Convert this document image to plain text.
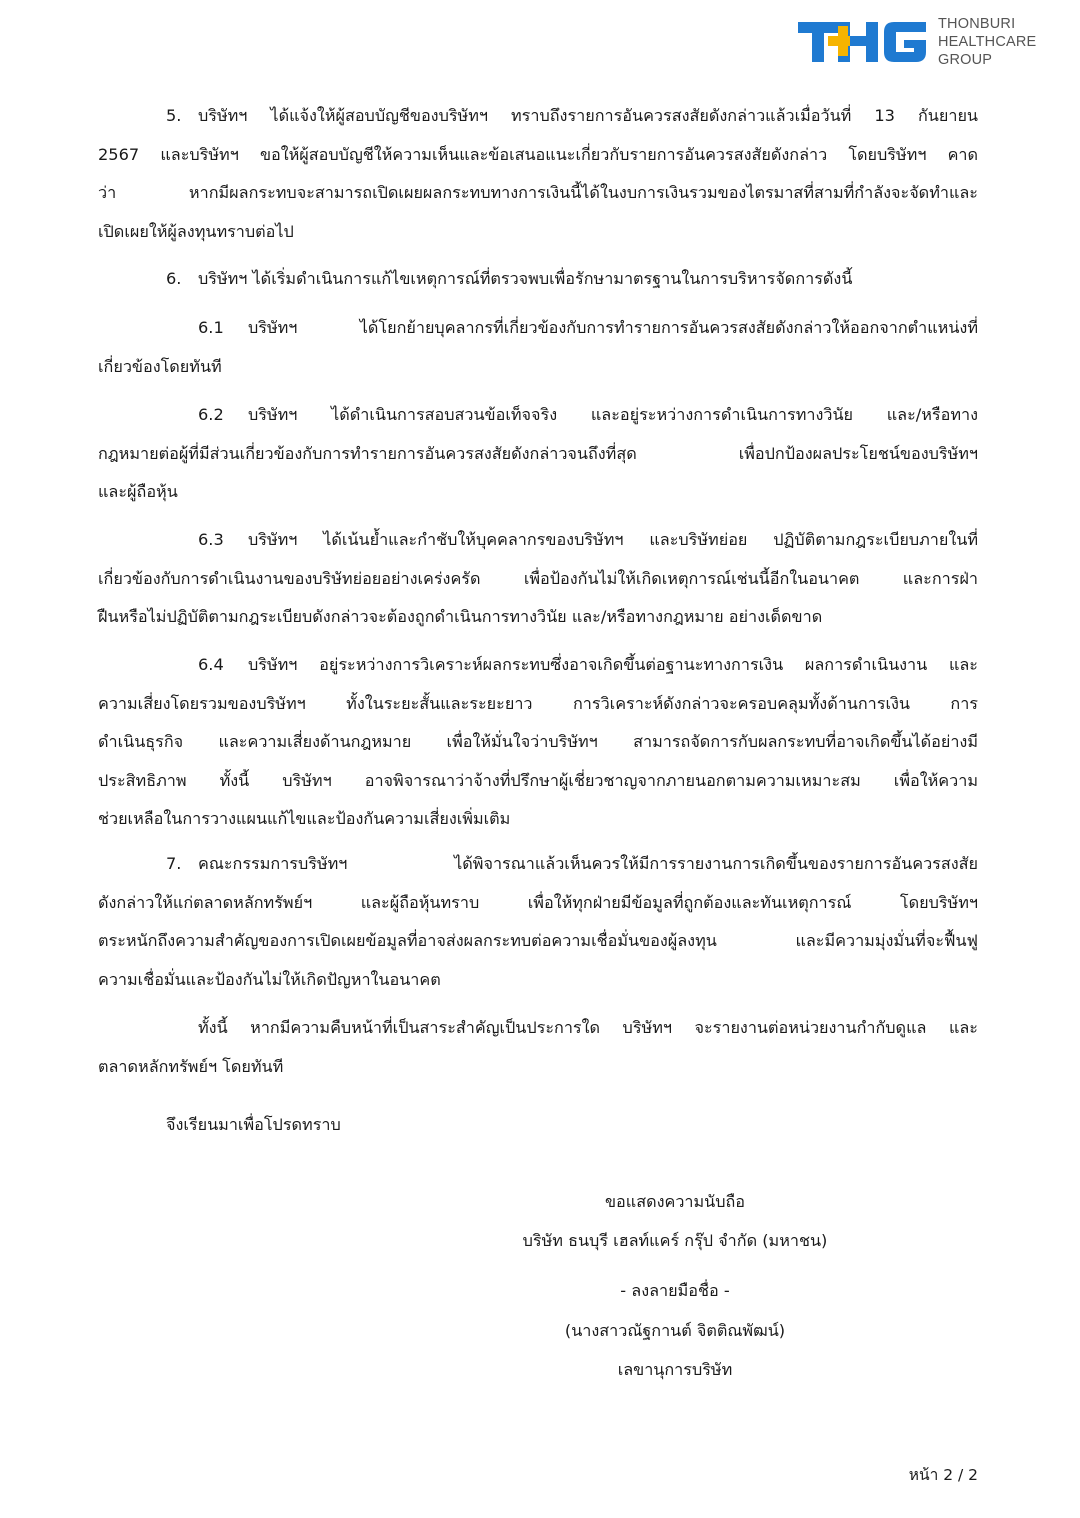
THONBURI
HEALTHCARE
GROUP
5. บริษัทฯ ได้แจ้งให้ผู้สอบบัญชีของบริษัทฯ ทราบถึงรายการอันควรสงสัยดังกล่าวแล้วเมื่อวันที่ 13 กันยายน
2567 และบริษัทฯ ขอให้ผู้สอบบัญชีให้ความเห็นและข้อเสนอแนะเกี่ยวกับรายการอันควรสงสัยดังกล่าว โดยบริษัทฯ คาด
ว่า หากมีผลกระทบจะสามารถเปิดเผยผลกระทบทางการเงินนี้ได้ในงบการเงินรวมของไตรมาสที่สามที่กำลังจะจัดทำและ
เปิดเผยให้ผู้ลงทุนทราบต่อไป
6. บริษัทฯ ได้เริ่มดำเนินการแก้ไขเหตุการณ์ที่ตรวจพบเพื่อรักษามาตรฐานในการบริหารจัดการดังนี้
6.1 บริษัทฯ ได้โยกย้ายบุคลากรที่เกี่ยวข้องกับการทำรายการอันควรสงสัยดังกล่าวให้ออกจากตำแหน่งที่
เกี่ยวข้องโดยทันที
6.2 บริษัทฯ ได้ดำเนินการสอบสวนข้อเท็จจริง และอยู่ระหว่างการดำเนินการทางวินัย และ/หรือทาง
กฎหมายต่อผู้ที่มีส่วนเกี่ยวข้องกับการทำรายการอันควรสงสัยดังกล่าวจนถึงที่สุด เพื่อปกป้องผลประโยชน์ของบริษัทฯ
และผู้ถือหุ้น
6.3 บริษัทฯ ได้เน้นย้ำและกำชับให้บุคคลากรของบริษัทฯ และบริษัทย่อย ปฏิบัติตามกฎระเบียบภายในที่
เกี่ยวข้องกับการดำเนินงานของบริษัทย่อยอย่างเคร่งครัด เพื่อป้องกันไม่ให้เกิดเหตุการณ์เช่นนี้อีกในอนาคต และการฝ่า
ฝืนหรือไม่ปฏิบัติตามกฎระเบียบดังกล่าวจะต้องถูกดำเนินการทางวินัย และ/หรือทางกฎหมาย อย่างเด็ดขาด
6.4 บริษัทฯ อยู่ระหว่างการวิเคราะห์ผลกระทบซึ่งอาจเกิดขึ้นต่อฐานะทางการเงิน ผลการดำเนินงาน และ
ความเสี่ยงโดยรวมของบริษัทฯ ทั้งในระยะสั้นและระยะยาว การวิเคราะห์ดังกล่าวจะครอบคลุมทั้งด้านการเงิน การ
ดำเนินธุรกิจ และความเสี่ยงด้านกฎหมาย เพื่อให้มั่นใจว่าบริษัทฯ สามารถจัดการกับผลกระทบที่อาจเกิดขึ้นได้อย่างมี
ประสิทธิภาพ ทั้งนี้ บริษัทฯ อาจพิจารณาว่าจ้างที่ปรึกษาผู้เชี่ยวชาญจากภายนอกตามความเหมาะสม เพื่อให้ความ
ช่วยเหลือในการวางแผนแก้ไขและป้องกันความเสี่ยงเพิ่มเติม
7. คณะกรรมการบริษัทฯ ได้พิจารณาแล้วเห็นควรให้มีการรายงานการเกิดขึ้นของรายการอันควรสงสัย
ดังกล่าวให้แก่ตลาดหลักทรัพย์ฯ และผู้ถือหุ้นทราบ เพื่อให้ทุกฝ่ายมีข้อมูลที่ถูกต้องและทันเหตุการณ์ โดยบริษัทฯ
ตระหนักถึงความสำคัญของการเปิดเผยข้อมูลที่อาจส่งผลกระทบต่อความเชื่อมั่นของผู้ลงทุน และมีความมุ่งมั่นที่จะฟื้นฟู
ความเชื่อมั่นและป้องกันไม่ให้เกิดปัญหาในอนาคต
ทั้งนี้ หากมีความคืบหน้าที่เป็นสาระสำคัญเป็นประการใด บริษัทฯ จะรายงานต่อหน่วยงานกำกับดูแล และ
ตลาดหลักทรัพย์ฯ โดยทันที
จึงเรียนมาเพื่อโปรดทราบ
ขอแสดงความนับถือ
บริษัท ธนบุรี เฮลท์แคร์ กรุ๊ป จำกัด (มหาชน)
- ลงลายมือชื่อ -
(นางสาวณัฐกานต์ จิตติณพัฒน์)
เลขานุการบริษัท
หน้า 2 / 2
